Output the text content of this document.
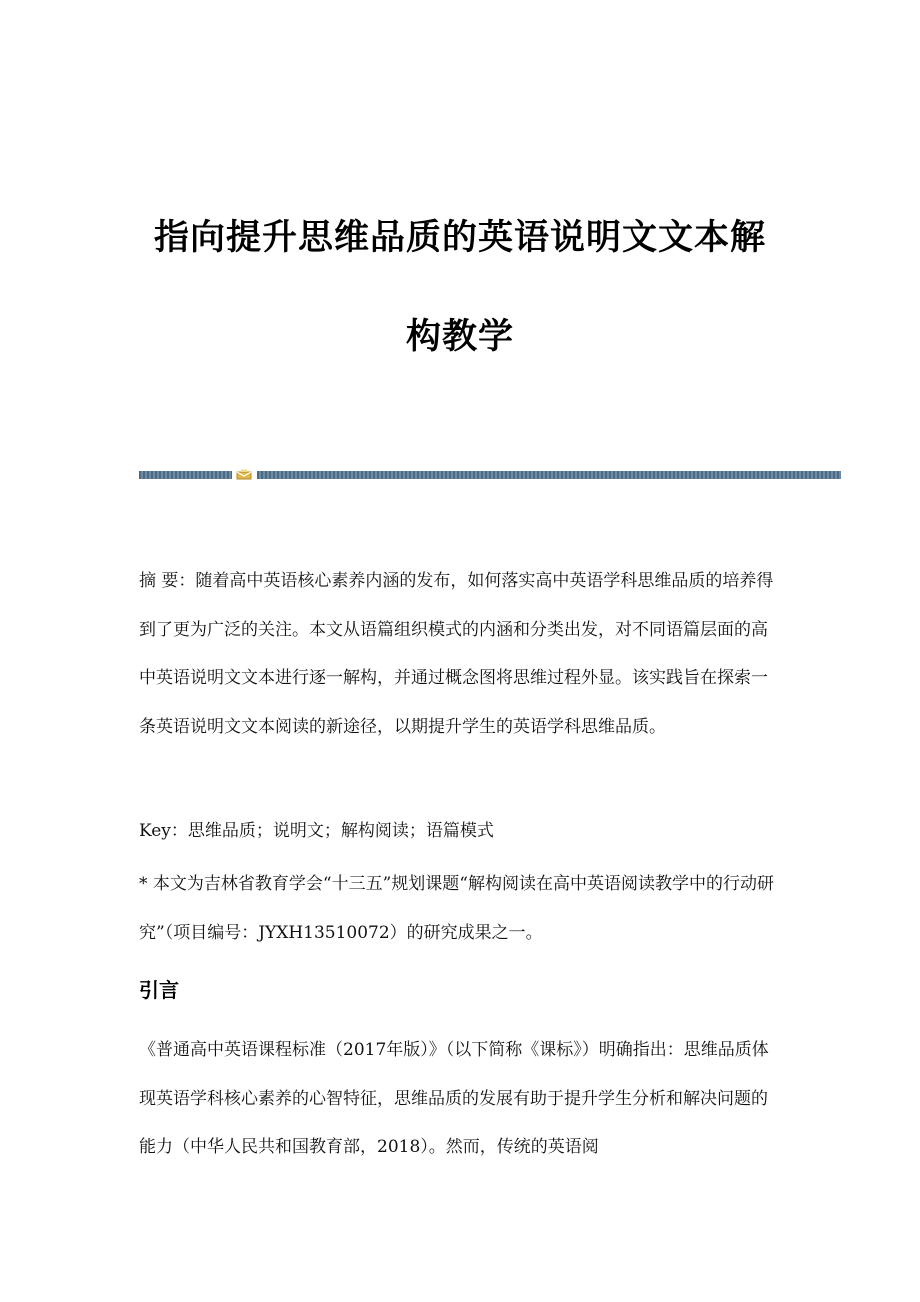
指向提升思维品质的英语说明文文本解
构教学
摘 要：随着高中英语核心素养内涵的发布，如何落实高中英语学科思维品质的培养得到了更为广泛的关注。本文从语篇组织模式的内涵和分类出发，对不同语篇层面的高中英语说明文文本进行逐一解构，并通过概念图将思维过程外显。该实践旨在探索一条英语说明文文本阅读的新途径，以期提升学生的英语学科思维品质。
Key：思维品质；说明文；解构阅读；语篇模式
* 本文为吉林省教育学会“十三五”规划课题“解构阅读在高中英语阅读教学中的行动研究”（项目编号：JYXH13510072）的研究成果之一。
引言
《普通高中英语课程标准（2017年版）》（以下简称《课标》）明确指出：思维品质体现英语学科核心素养的心智特征，思维品质的发展有助于提升学生分析和解决问题的能力（中华人民共和国教育部，2018）。然而，传统的英语阅
